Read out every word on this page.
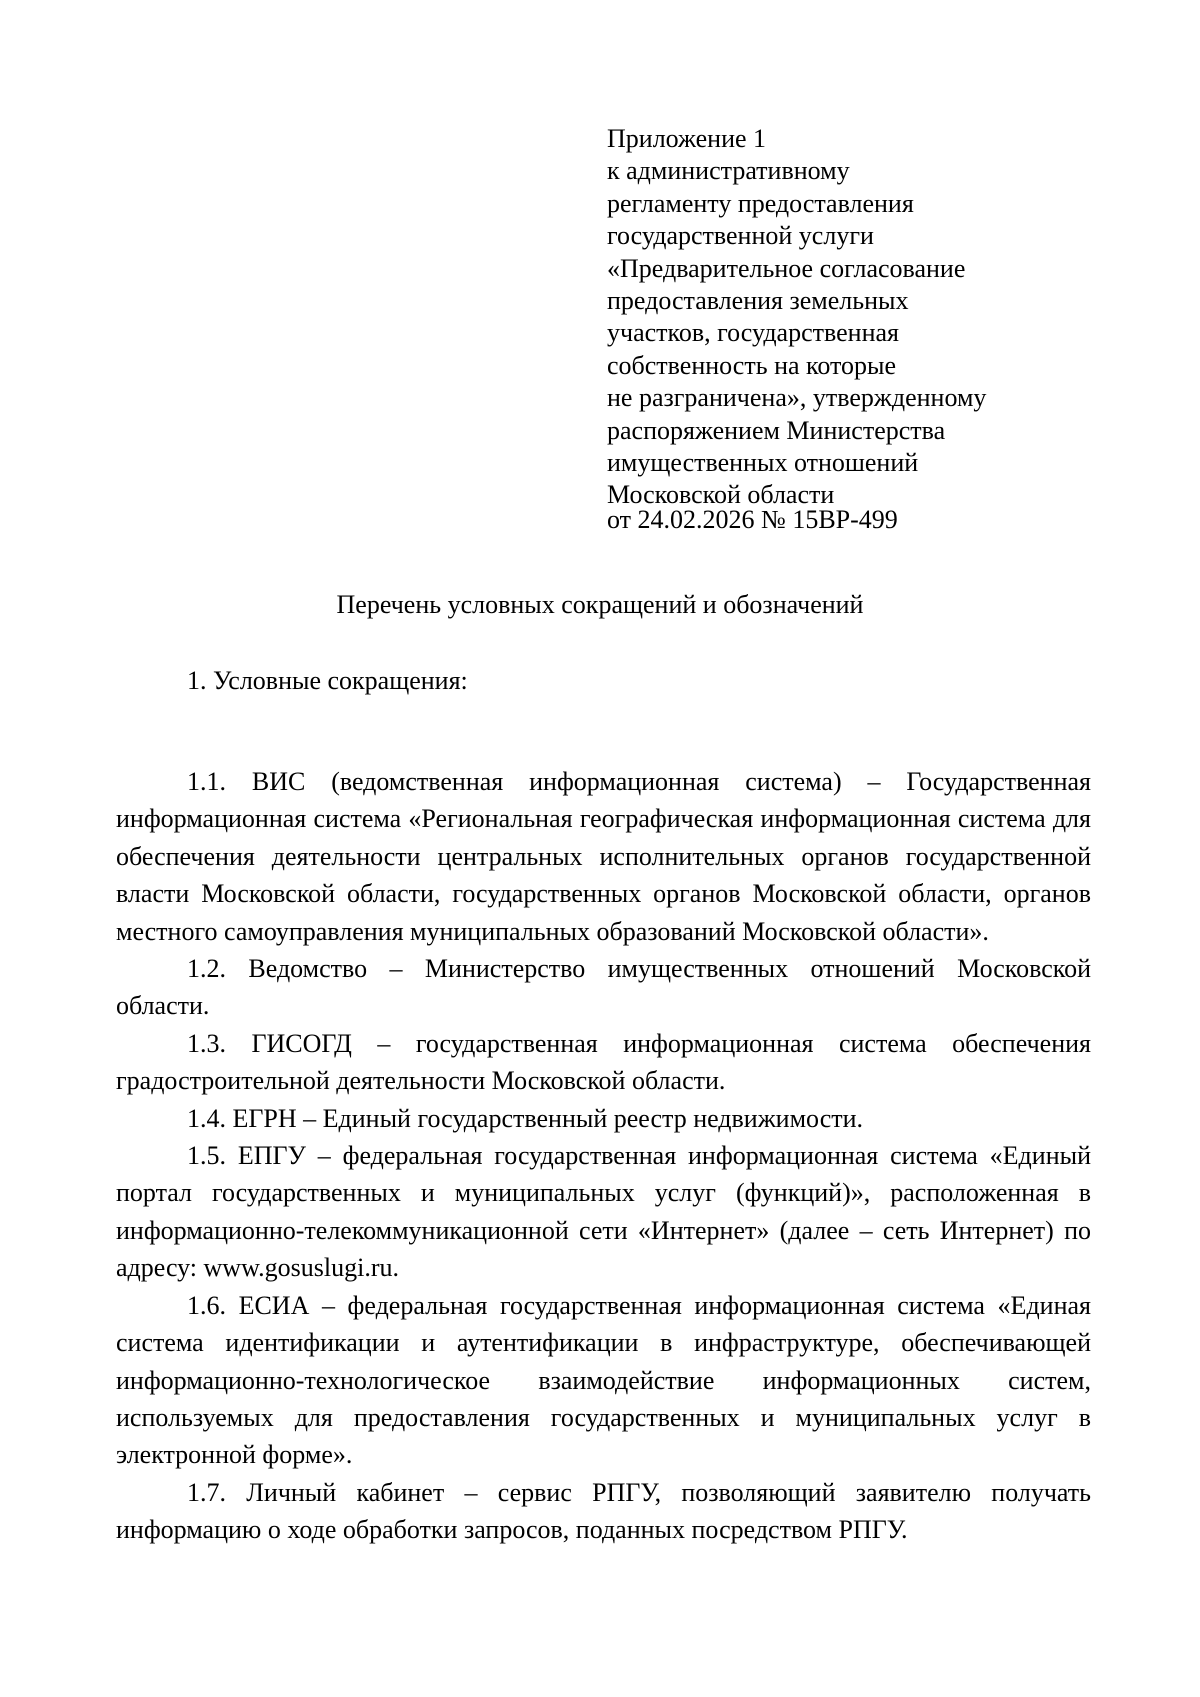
Приложение 1
к административному
регламенту предоставления
государственной услуги
«Предварительное согласование
предоставления земельных
участков, государственная
собственность на которые
не разграничена», утвержденному
распоряжением Министерства
имущественных отношений
Московской области
от 24.02.2026 № 15ВР-499
Перечень условных сокращений и обозначений
1. Условные сокращения:

1.1. ВИС (ведомственная информационная система) – Государственная информационная система «Региональная географическая информационная система для обеспечения деятельности центральных исполнительных органов государственной власти Московской области, государственных органов Московской области, органов местного самоуправления муниципальных образований Московской области».

1.2. Ведомство – Министерство имущественных отношений Московской области.

1.3. ГИСОГД – государственная информационная система обеспечения градостроительной деятельности Московской области.

1.4. ЕГРН – Единый государственный реестр недвижимости.

1.5. ЕПГУ – федеральная государственная информационная система «Единый портал государственных и муниципальных услуг (функций)», расположенная в информационно-телекоммуникационной сети «Интернет» (далее – сеть Интернет) по адресу: www.gosuslugi.ru.

1.6. ЕСИА – федеральная государственная информационная система «Единая система идентификации и аутентификации в инфраструктуре, обеспечивающей информационно-технологическое взаимодействие информационных систем, используемых для предоставления государственных и муниципальных услуг в электронной форме».

1.7. Личный кабинет – сервис РПГУ, позволяющий заявителю получать информацию о ходе обработки запросов, поданных посредством РПГУ.
